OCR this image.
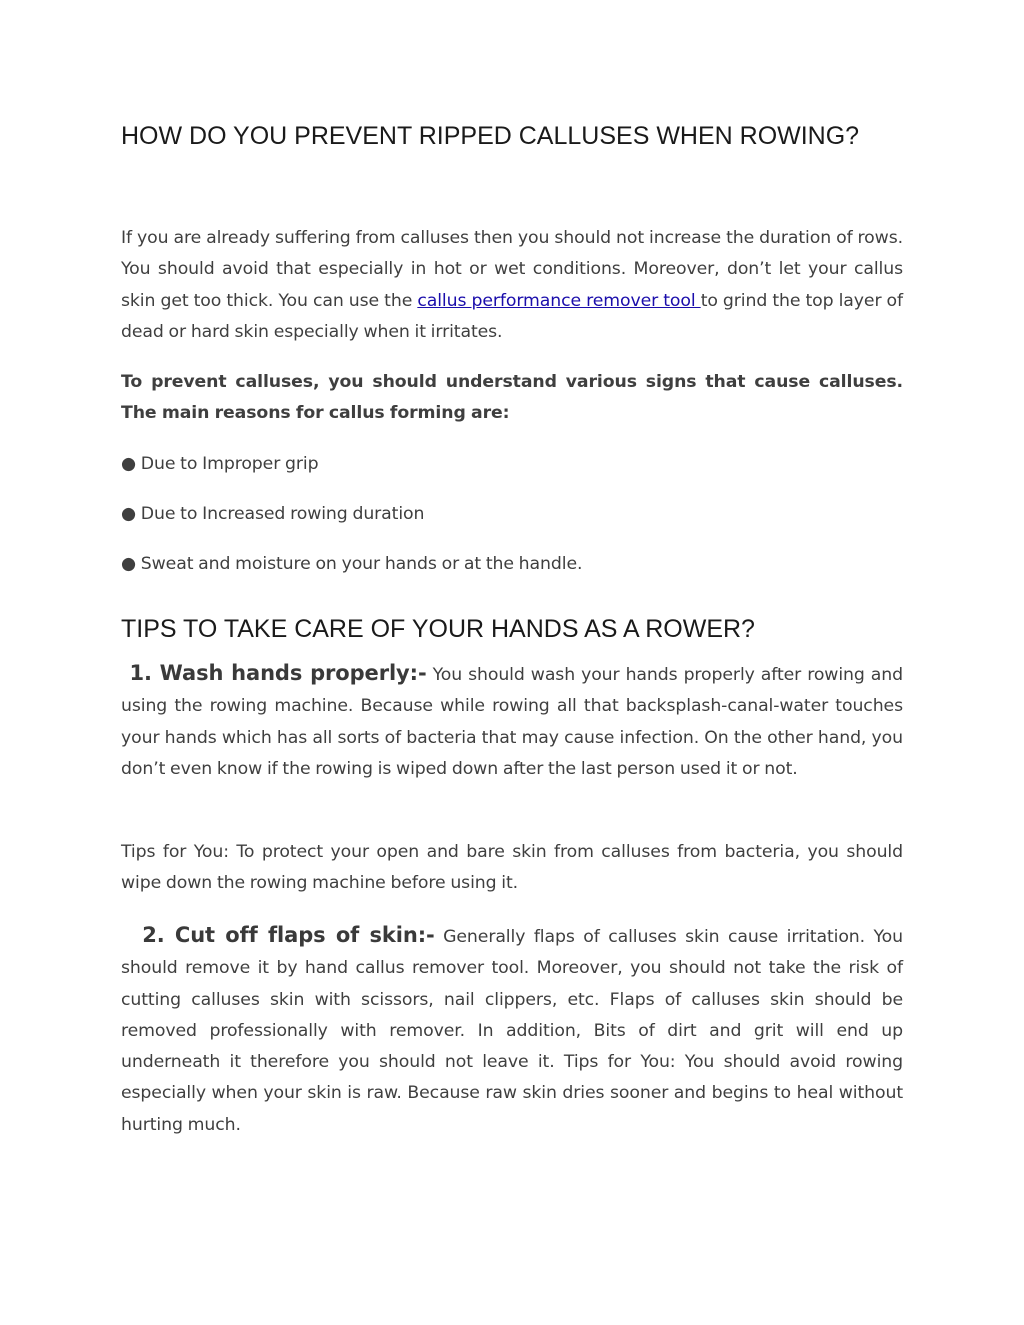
HOW DO YOU PREVENT RIPPED CALLUSES WHEN ROWING?

If you are already suffering from calluses then you should not increase the duration of rows. You should avoid that especially in hot or wet conditions. Moreover, don’t let your callus skin get too thick. You can use the callus performance remover tool to grind the top layer of dead or hard skin especially when it irritates.

To prevent calluses, you should understand various signs that cause calluses. The main reasons for callus forming are:

● Due to Improper grip

● Due to Increased rowing duration

● Sweat and moisture on your hands or at the handle.

TIPS TO TAKE CARE OF YOUR HANDS AS A ROWER?

1. Wash hands properly:- You should wash your hands properly after rowing and using the rowing machine. Because while rowing all that backsplash-canal-water touches your hands which has all sorts of bacteria that may cause infection. On the other hand, you don’t even know if the rowing is wiped down after the last person used it or not.

Tips for You: To protect your open and bare skin from calluses from bacteria, you should wipe down the rowing machine before using it.

2. Cut off flaps of skin:- Generally flaps of calluses skin cause irritation. You should remove it by hand callus remover tool. Moreover, you should not take the risk of cutting calluses skin with scissors, nail clippers, etc. Flaps of calluses skin should be removed professionally with remover. In addition, Bits of dirt and grit will end up underneath it therefore you should not leave it. Tips for You: You should avoid rowing especially when your skin is raw. Because raw skin dries sooner and begins to heal without hurting much.
